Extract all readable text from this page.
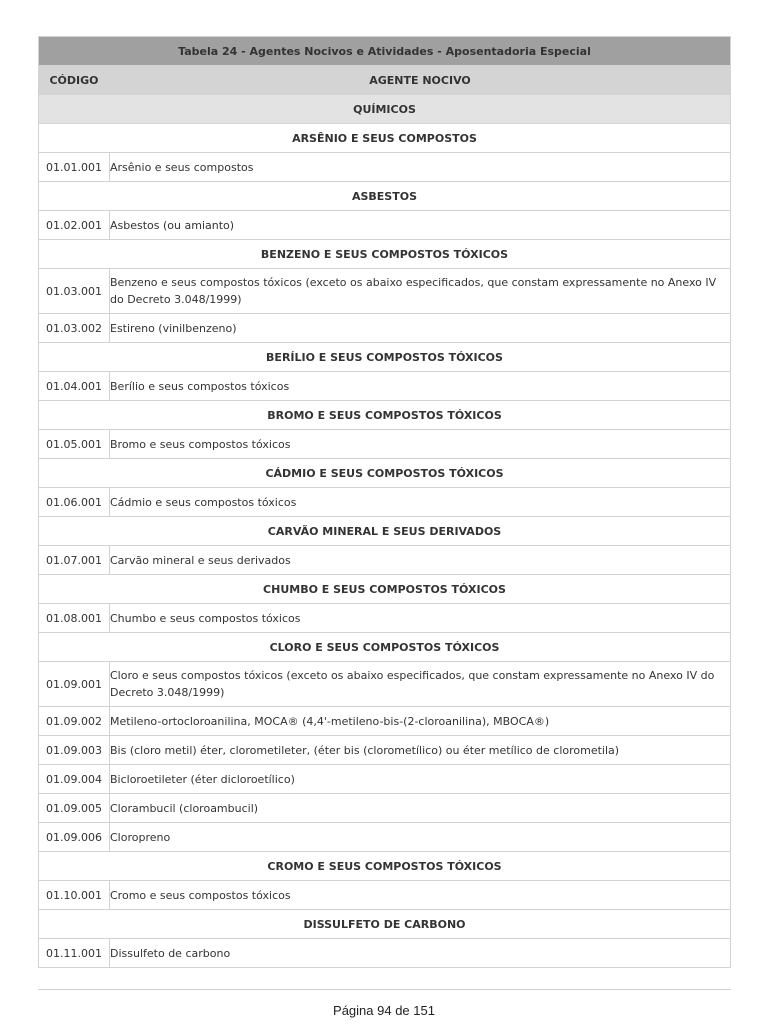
Tabela 24 - Agentes Nocivos e Atividades - Aposentadoria Especial	
CÓDIGO	AGENTE NOCIVO
QUÍMICOS	
ARSÊNIO E SEUS COMPOSTOS	
01.01.001	Arsênio e seus compostos
ASBESTOS	
01.02.001	Asbestos (ou amianto)
BENZENO E SEUS COMPOSTOS TÓXICOS	
01.03.001	Benzeno e seus compostos tóxicos (exceto os abaixo especificados, que constam expressamente no Anexo IV do Decreto 3.048/1999)
01.03.002	Estireno (vinilbenzeno)
BERÍLIO E SEUS COMPOSTOS TÓXICOS	
01.04.001	Berílio e seus compostos tóxicos
BROMO E SEUS COMPOSTOS TÓXICOS	
01.05.001	Bromo e seus compostos tóxicos
CÁDMIO E SEUS COMPOSTOS TÓXICOS	
01.06.001	Cádmio e seus compostos tóxicos
CARVÃO MINERAL E SEUS DERIVADOS	
01.07.001	Carvão mineral e seus derivados
CHUMBO E SEUS COMPOSTOS TÓXICOS	
01.08.001	Chumbo e seus compostos tóxicos
CLORO E SEUS COMPOSTOS TÓXICOS	
01.09.001	Cloro e seus compostos tóxicos (exceto os abaixo especificados, que constam expressamente no Anexo IV do Decreto 3.048/1999)
01.09.002	Metileno-ortocloroanilina, MOCA® (4,4'-metileno-bis-(2-cloroanilina), MBOCA®)
01.09.003	Bis (cloro metil) éter, clorometileter, (éter bis (clorometílico) ou éter metílico de clorometila)
01.09.004	Bicloroetileter (éter dicloroetílico)
01.09.005	Clorambucil (cloroambucil)
01.09.006	Cloropreno
CROMO E SEUS COMPOSTOS TÓXICOS	
01.10.001	Cromo e seus compostos tóxicos
DISSULFETO DE CARBONO	
01.11.001	Dissulfeto de carbono
Página 94 de 151
